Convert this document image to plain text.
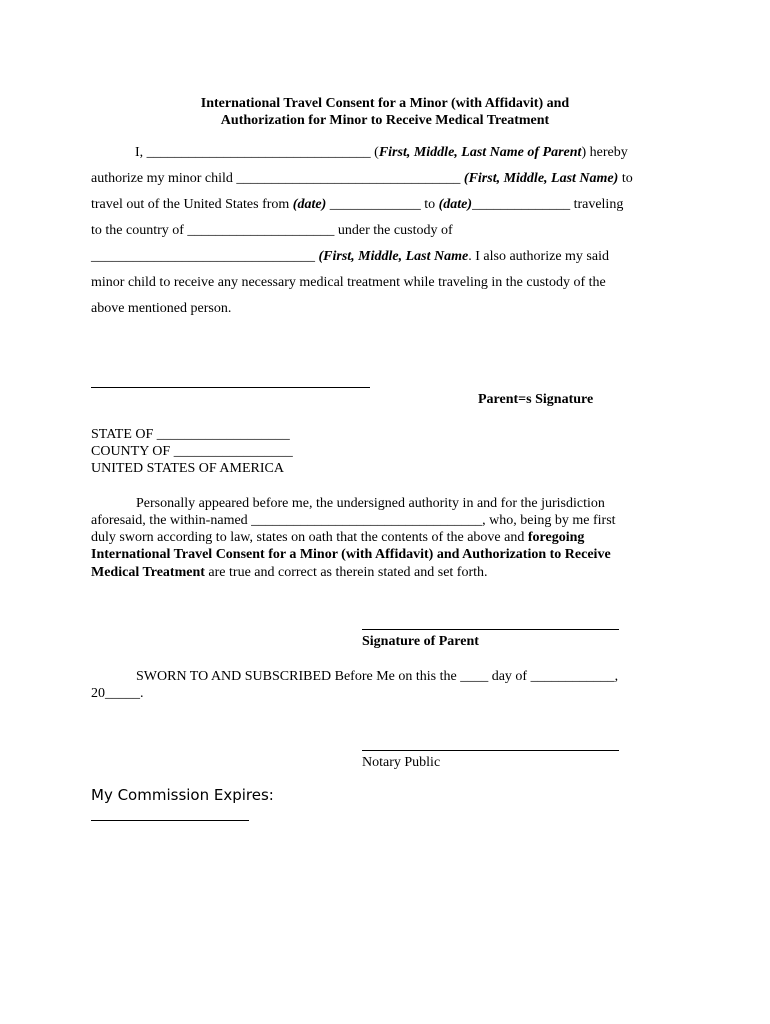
International Travel Consent for a Minor (with Affidavit) and
Authorization for Minor to Receive Medical Treatment
I, ________________________________ (First, Middle, Last Name of Parent) hereby
authorize my minor child ________________________________ (First, Middle, Last Name) to
travel out of the United States from (date) _____________ to (date)______________ traveling
to the country of _____________________ under the custody of
________________________________ (First, Middle, Last Name. I also authorize my said
minor child to receive any necessary medical treatment while traveling in the custody of the
above mentioned person.
Parent=s Signature
STATE OF ___________________
COUNTY OF _________________
UNITED STATES OF AMERICA
Personally appeared before me, the undersigned authority in and for the jurisdiction
aforesaid, the within-named _________________________________, who, being by me first
duly sworn according to law, states on oath that the contents of the above and foregoing
International Travel Consent for a Minor (with Affidavit) and Authorization to Receive
Medical Treatment are true and correct as therein stated and set forth.
Signature of Parent
SWORN TO AND SUBSCRIBED Before Me on this the ____ day of ____________,
20_____.
Notary Public
My Commission Expires:
